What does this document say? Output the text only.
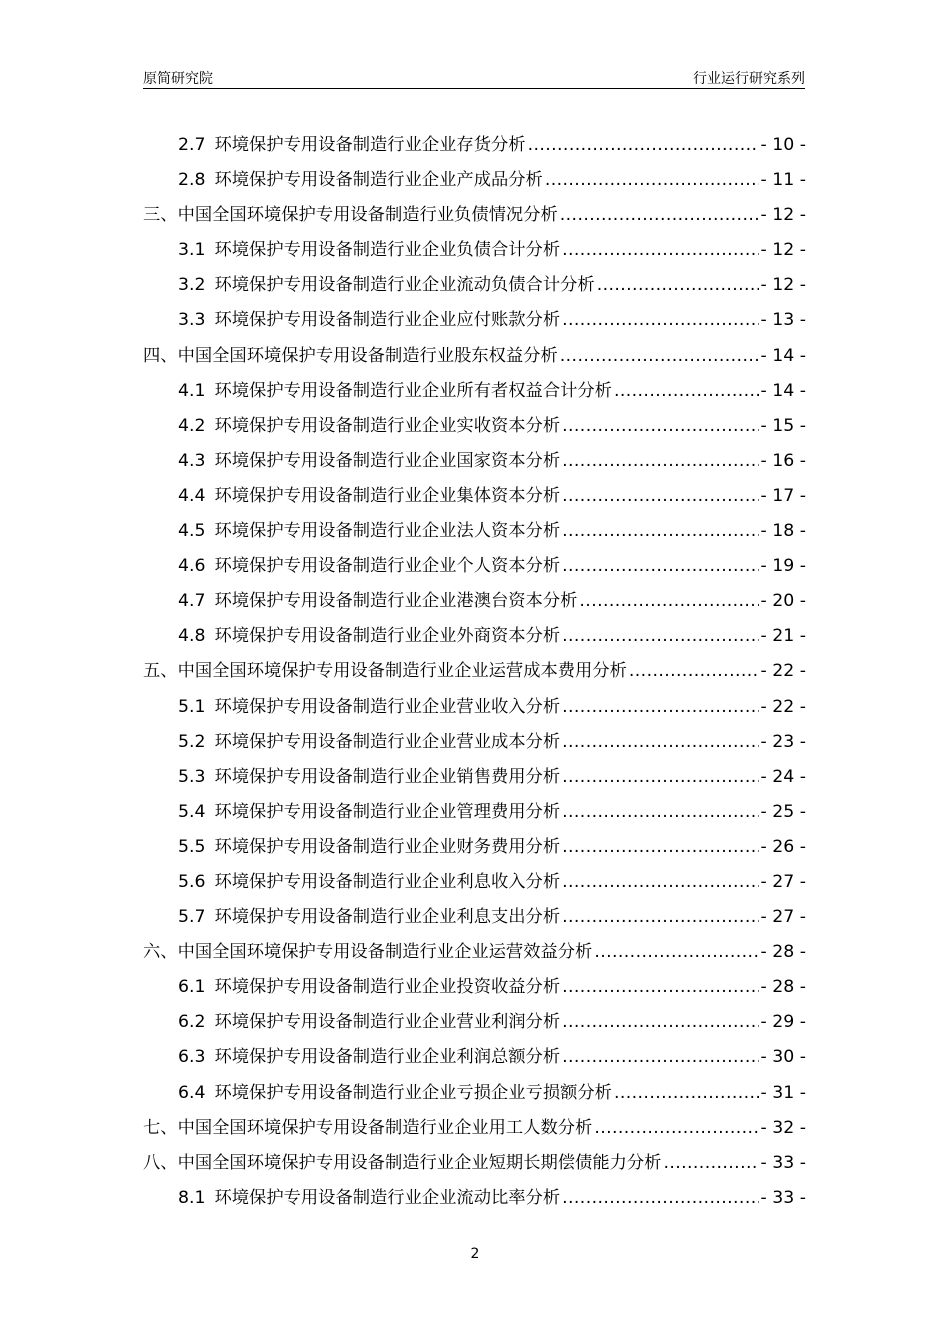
原简研究院	行业运行研究系列
2.7 环境保护专用设备制造行业企业存货分析 .....	- 10 -
2.8 环境保护专用设备制造行业企业产成品分析 .....	- 11 -
三、中国全国环境保护专用设备制造行业负债情况分析 .....	- 12 -
3.1 环境保护专用设备制造行业企业负债合计分析 .....	- 12 -
3.2 环境保护专用设备制造行业企业流动负债合计分析 .....	- 12 -
3.3 环境保护专用设备制造行业企业应付账款分析 .....	- 13 -
四、中国全国环境保护专用设备制造行业股东权益分析 .....	- 14 -
4.1 环境保护专用设备制造行业企业所有者权益合计分析 .....	- 14 -
4.2 环境保护专用设备制造行业企业实收资本分析 .....	- 15 -
4.3 环境保护专用设备制造行业企业国家资本分析 .....	- 16 -
4.4 环境保护专用设备制造行业企业集体资本分析 .....	- 17 -
4.5 环境保护专用设备制造行业企业法人资本分析 .....	- 18 -
4.6 环境保护专用设备制造行业企业个人资本分析 .....	- 19 -
4.7 环境保护专用设备制造行业企业港澳台资本分析 .....	- 20 -
4.8 环境保护专用设备制造行业企业外商资本分析 .....	- 21 -
五、中国全国环境保护专用设备制造行业企业运营成本费用分析 .....	- 22 -
5.1 环境保护专用设备制造行业企业营业收入分析 .....	- 22 -
5.2 环境保护专用设备制造行业企业营业成本分析 .....	- 23 -
5.3 环境保护专用设备制造行业企业销售费用分析 .....	- 24 -
5.4 环境保护专用设备制造行业企业管理费用分析 .....	- 25 -
5.5 环境保护专用设备制造行业企业财务费用分析 .....	- 26 -
5.6 环境保护专用设备制造行业企业利息收入分析 .....	- 27 -
5.7 环境保护专用设备制造行业企业利息支出分析 .....	- 27 -
六、中国全国环境保护专用设备制造行业企业运营效益分析 .....	- 28 -
6.1 环境保护专用设备制造行业企业投资收益分析 .....	- 28 -
6.2 环境保护专用设备制造行业企业营业利润分析 .....	- 29 -
6.3 环境保护专用设备制造行业企业利润总额分析 .....	- 30 -
6.4 环境保护专用设备制造行业企业亏损企业亏损额分析 .....	- 31 -
七、中国全国环境保护专用设备制造行业企业用工人数分析 .....	- 32 -
八、中国全国环境保护专用设备制造行业企业短期长期偿债能力分析 .....	- 33 -
8.1 环境保护专用设备制造行业企业流动比率分析 .....	- 33 -
2
